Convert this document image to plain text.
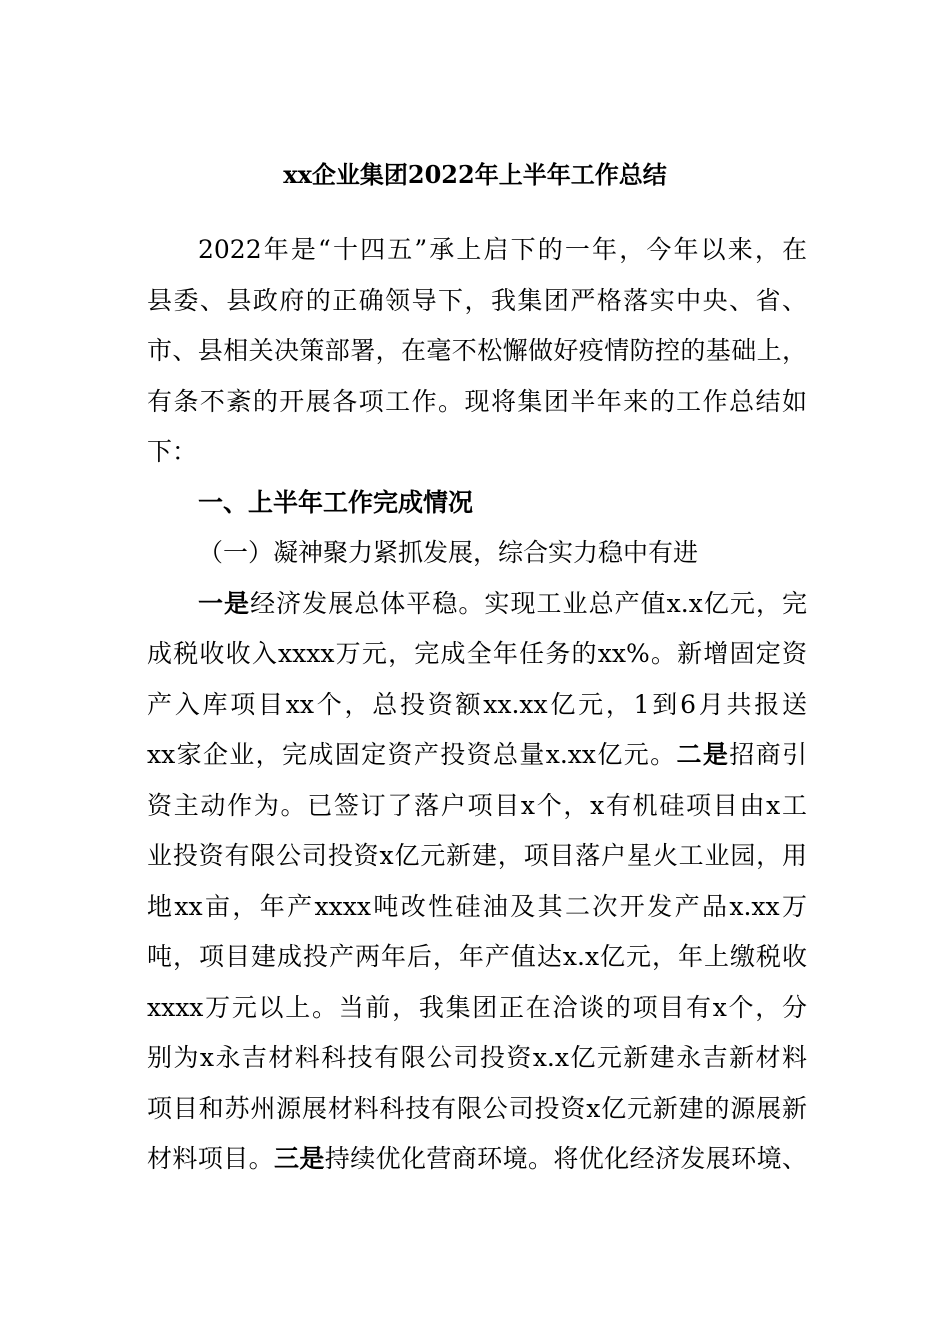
xx企业集团2022年上半年工作总结
2022年是“十四五”承上启下的一年，今年以来，在
县委、县政府的正确领导下，我集团严格落实中央、省、
市、县相关决策部署，在毫不松懈做好疫情防控的基础上，
有条不紊的开展各项工作。现将集团半年来的工作总结如
下：
一、上半年工作完成情况
（一）凝神聚力紧抓发展，综合实力稳中有进
一是经济发展总体平稳。实现工业总产值x.x亿元，完
成税收收入xxxx万元，完成全年任务的xx%。新增固定资
产入库项目xx个，总投资额xx.xx亿元，1到6月共报送
xx家企业，完成固定资产投资总量x.xx亿元。二是招商引
资主动作为。已签订了落户项目x个，x有机硅项目由x工
业投资有限公司投资x亿元新建，项目落户星火工业园，用
地xx亩，年产xxxx吨改性硅油及其二次开发产品x.xx万
吨，项目建成投产两年后，年产值达x.x亿元，年上缴税收
xxxx万元以上。当前，我集团正在洽谈的项目有x个，分
别为x永吉材料科技有限公司投资x.x亿元新建永吉新材料
项目和苏州源展材料科技有限公司投资x亿元新建的源展新
材料项目。三是持续优化营商环境。将优化经济发展环境、
